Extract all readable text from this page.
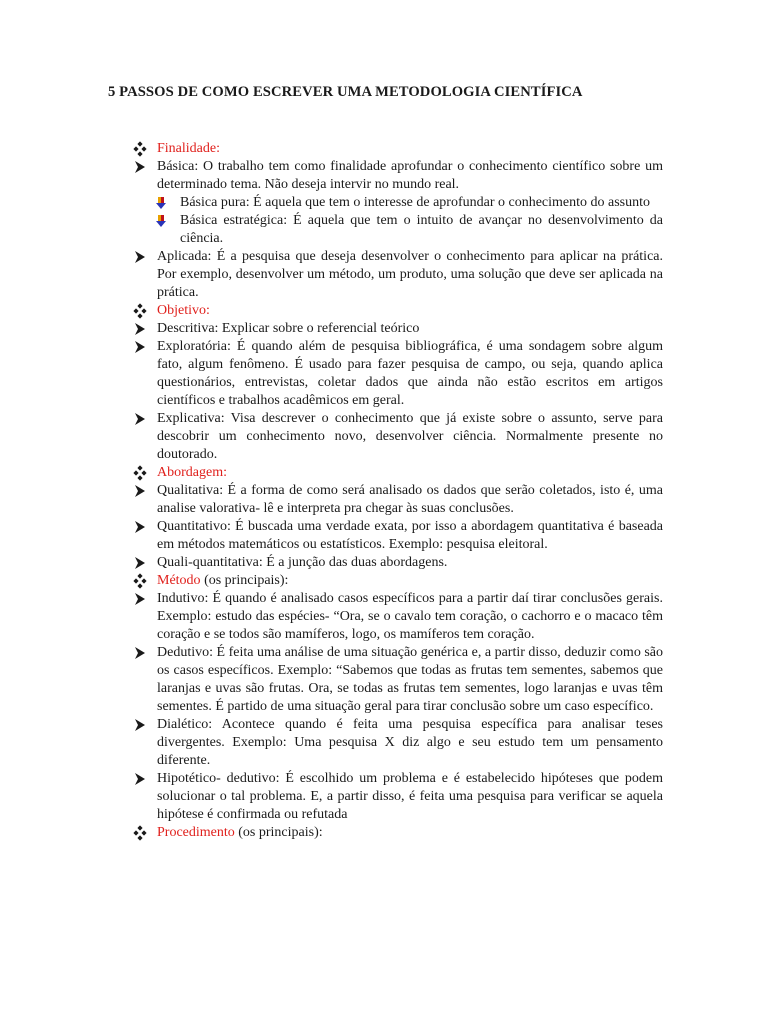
5 PASSOS DE COMO ESCREVER UMA METODOLOGIA CIENTÍFICA
Finalidade:
Básica: O trabalho tem como finalidade aprofundar o conhecimento científico sobre um determinado tema. Não deseja intervir no mundo real.
Básica pura: É aquela que tem o interesse de aprofundar o conhecimento do assunto
Básica estratégica: É aquela que tem o intuito de avançar no desenvolvimento da ciência.
Aplicada: É a pesquisa que deseja desenvolver o conhecimento para aplicar na prática. Por exemplo, desenvolver um método, um produto, uma solução que deve ser aplicada na prática.
Objetivo:
Descritiva: Explicar sobre o referencial teórico
Exploratória: É quando além de pesquisa bibliográfica, é uma sondagem sobre algum fato, algum fenômeno. É usado para fazer pesquisa de campo, ou seja, quando aplica questionários, entrevistas, coletar dados que ainda não estão escritos em artigos científicos e trabalhos acadêmicos em geral.
Explicativa: Visa descrever o conhecimento que já existe sobre o assunto, serve para descobrir um conhecimento novo, desenvolver ciência. Normalmente presente no doutorado.
Abordagem:
Qualitativa: É a forma de como será analisado os dados que serão coletados, isto é, uma analise valorativa- lê e interpreta pra chegar às suas conclusões.
Quantitativo: É buscada uma verdade exata, por isso a abordagem quantitativa é baseada em métodos matemáticos ou estatísticos. Exemplo: pesquisa eleitoral.
Quali-quantitativa: É a junção das duas abordagens.
Método (os principais):
Indutivo: É quando é analisado casos específicos para a partir daí tirar conclusões gerais. Exemplo: estudo das espécies- “Ora, se o cavalo tem coração, o cachorro e o macaco têm coração e se todos são mamíferos, logo, os mamíferos tem coração.
Dedutivo: É feita uma análise de uma situação genérica e, a partir disso, deduzir como são os casos específicos. Exemplo: “Sabemos que todas as frutas tem sementes, sabemos que laranjas e uvas são frutas. Ora, se todas as frutas tem sementes, logo laranjas e uvas têm sementes. É partido de uma situação geral para tirar conclusão sobre um caso específico.
Dialético: Acontece quando é feita uma pesquisa específica para analisar teses divergentes. Exemplo: Uma pesquisa X diz algo e seu estudo tem um pensamento diferente.
Hipotético- dedutivo: É escolhido um problema e é estabelecido hipóteses que podem solucionar o tal problema. E, a partir disso, é feita uma pesquisa para verificar se aquela hipótese é confirmada ou refutada
Procedimento (os principais):
